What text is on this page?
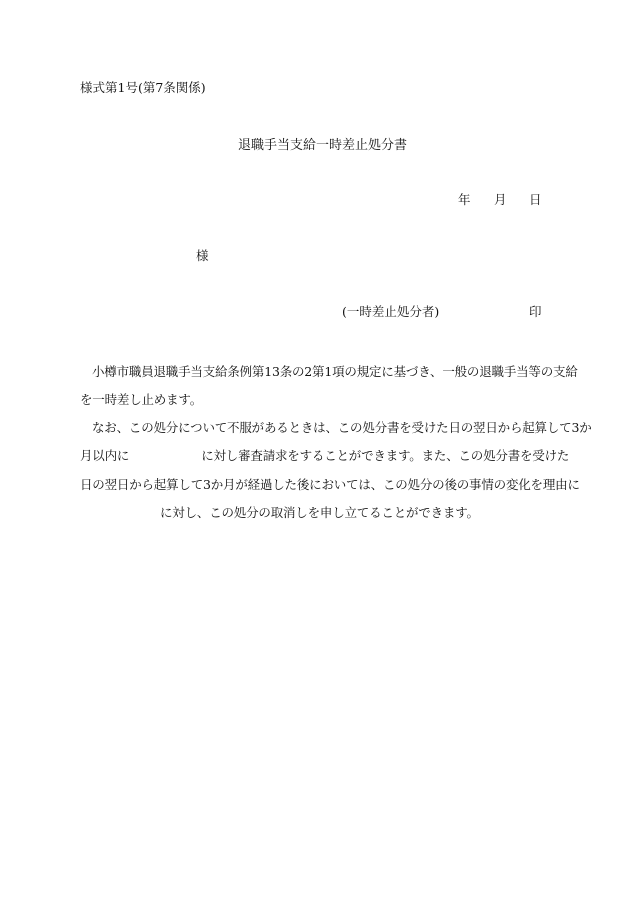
様式第1号(第7条関係)
退職手当支給一時差止処分書
年 月 日
様
(一時差止処分者)	印
小樽市職員退職手当支給条例第13条の2第1項の規定に基づき、一般の退職手当等の支給
を一時差し止めます。
なお、この処分について不服があるときは、この処分書を受けた日の翌日から起算して3か
月以内に	に対し審査請求をすることができます。また、この処分書を受けた
日の翌日から起算して3か月が経過した後においては、この処分の後の事情の変化を理由に
に対し、この処分の取消しを申し立てることができます。
